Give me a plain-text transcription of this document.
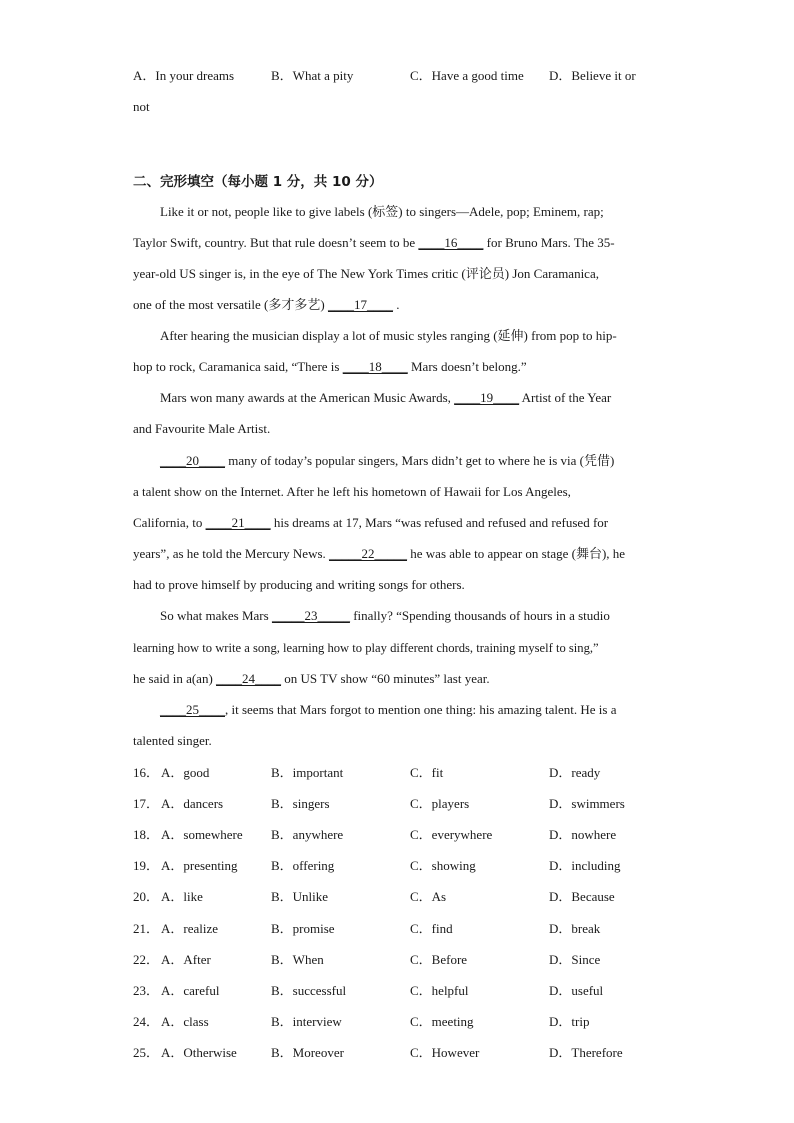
A．In your dreams	B．What a pity	C．Have a good time D．Believe it or
not
二、完形填空（每小题 1 分，共 10 分）
Like it or not, people like to give labels (标签) to singers—Adele, pop; Eminem, rap;
Taylor Swift, country. But that rule doesn’t seem to be ____16____ for Bruno Mars. The 35-
year-old US singer is, in the eye of The New York Times critic (评论员) Jon Caramanica,
one of the most versatile (多才多艺) ____17____ .
After hearing the musician display a lot of music styles ranging (延伸) from pop to hip-
hop to rock, Caramanica said, “There is ____18____ Mars doesn’t belong.”
Mars won many awards at the American Music Awards, ____19____ Artist of the Year
and Favourite Male Artist.
____20____ many of today’s popular singers, Mars didn’t get to where he is via (凭借)
a talent show on the Internet. After he left his hometown of Hawaii for Los Angeles,
California, to ____21____ his dreams at 17, Mars “was refused and refused and refused for
years”, as he told the Mercury News. _____22_____ he was able to appear on stage (舞台), he
had to prove himself by producing and writing songs for others.
So what makes Mars _____23_____ finally? “Spending thousands of hours in a studio
learning how to write a song, learning how to play different chords, training myself to sing,”
he said in a(an) ____24____ on US TV show “60 minutes” last year.
____25____, it seems that Mars forgot to mention one thing: his amazing talent. He is a
talented singer.
16． A．good	B．important	C．fit	D．ready
17． A．dancers	B．singers	C．players	D．swimmers
18． A．somewhere B．anywhere	C．everywhere	D．nowhere
19． A．presenting	B．offering	C．showing	D．including
20． A．like	B．Unlike	C．As	D．Because
21． A．realize	B．promise	C．find	D．break
22． A．After	B．When	C．Before	D．Since
23． A．careful	B．successful	C．helpful	D．useful
24． A．class	B．interview	C．meeting	D．trip
25． A．Otherwise	B．Moreover	C．However	D．Therefore
